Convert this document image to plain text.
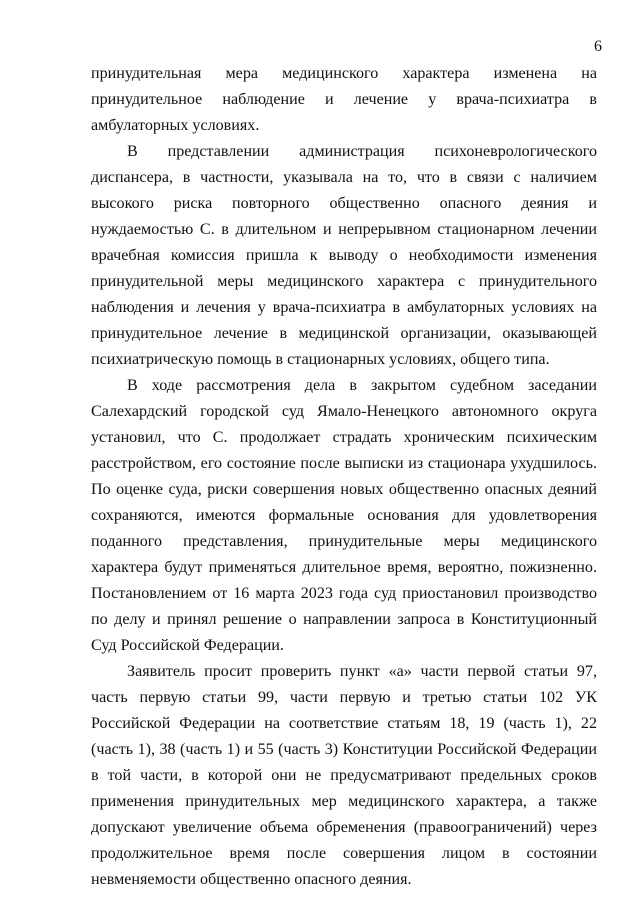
6

принудительная мера медицинского характера изменена на принудительное наблюдение и лечение у врача-психиатра в амбулаторных условиях.

В представлении администрация психоневрологического диспансера, в частности, указывала на то, что в связи с наличием высокого риска повторного общественно опасного деяния и нуждаемостью С. в длительном и непрерывном стационарном лечении врачебная комиссия пришла к выводу о необходимости изменения принудительной меры медицинского характера с принудительного наблюдения и лечения у врача-психиатра в амбулаторных условиях на принудительное лечение в медицинской организации, оказывающей психиатрическую помощь в стационарных условиях, общего типа.

В ходе рассмотрения дела в закрытом судебном заседании Салехардский городской суд Ямало-Ненецкого автономного округа установил, что С. продолжает страдать хроническим психическим расстройством, его состояние после выписки из стационара ухудшилось. По оценке суда, риски совершения новых общественно опасных деяний сохраняются, имеются формальные основания для удовлетворения поданного представления, принудительные меры медицинского характера будут применяться длительное время, вероятно, пожизненно. Постановлением от 16 марта 2023 года суд приостановил производство по делу и принял решение о направлении запроса в Конституционный Суд Российской Федерации.

Заявитель просит проверить пункт «а» части первой статьи 97, часть первую статьи 99, части первую и третью статьи 102 УК Российской Федерации на соответствие статьям 18, 19 (часть 1), 22 (часть 1), 38 (часть 1) и 55 (часть 3) Конституции Российской Федерации в той части, в которой они не предусматривают предельных сроков применения принудительных мер медицинского характера, а также допускают увеличение объема обременения (правоограничений) через продолжительное время после совершения лицом в состоянии невменяемости общественно опасного деяния.
